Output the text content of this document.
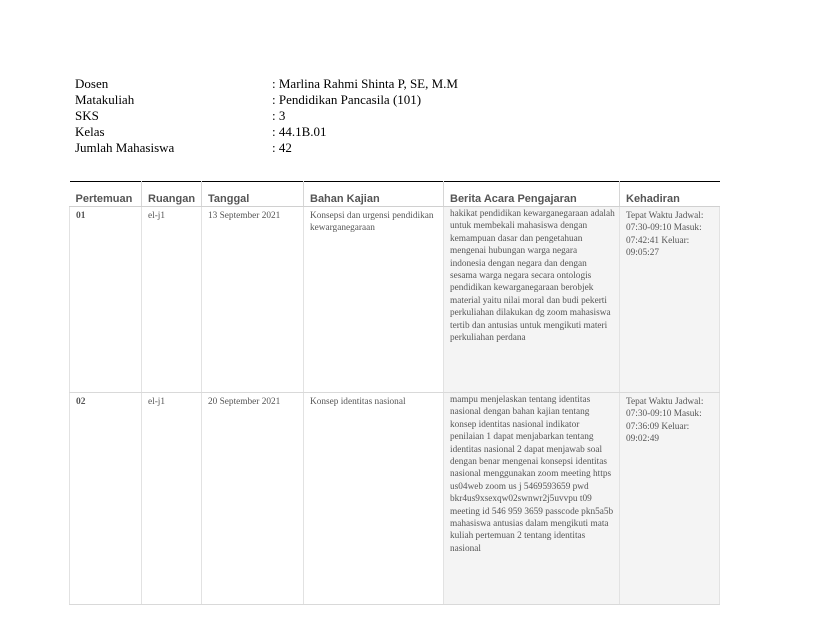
Dosen	: Marlina Rahmi Shinta P, SE, M.M
Matakuliah	: Pendidikan Pancasila (101)
SKS	: 3
Kelas	: 44.1B.01
Jumlah Mahasiswa	: 42
Pertemuan	Ruangan	Tanggal	Bahan Kajian	Berita Acara Pengajaran	Kehadiran
01	el-j1	13 September 2021	Konsepsi dan urgensi pendidikan kewarganegaraan	hakikat pendidikan kewarganegaraan adalah untuk membekali mahasiswa dengan kemampuan dasar dan pengetahuan mengenai hubungan warga negara indonesia dengan negara dan dengan sesama warga negara secara ontologis pendidikan kewarganegaraan berobjek material yaitu nilai moral dan budi pekerti perkuliahan dilakukan dg zoom mahasiswa tertib dan antusias untuk mengikuti materi perkuliahan perdana	Tepat Waktu Jadwal: 07:30-09:10 Masuk: 07:42:41 Keluar: 09:05:27
02	el-j1	20 September 2021	Konsep identitas nasional	mampu menjelaskan tentang identitas nasional dengan bahan kajian tentang konsep identitas nasional indikator penilaian 1 dapat menjabarkan tentang identitas nasional 2 dapat menjawab soal dengan benar mengenai konsepsi identitas nasional menggunakan zoom meeting https us04web zoom us j 5469593659 pwd bkr4us9xsexqw02swnwr2j5uvvpu t09 meeting id 546 959 3659 passcode pkn5a5b mahasiswa antusias dalam mengikuti mata kuliah pertemuan 2 tentang identitas nasional	Tepat Waktu Jadwal: 07:30-09:10 Masuk: 07:36:09 Keluar: 09:02:49
